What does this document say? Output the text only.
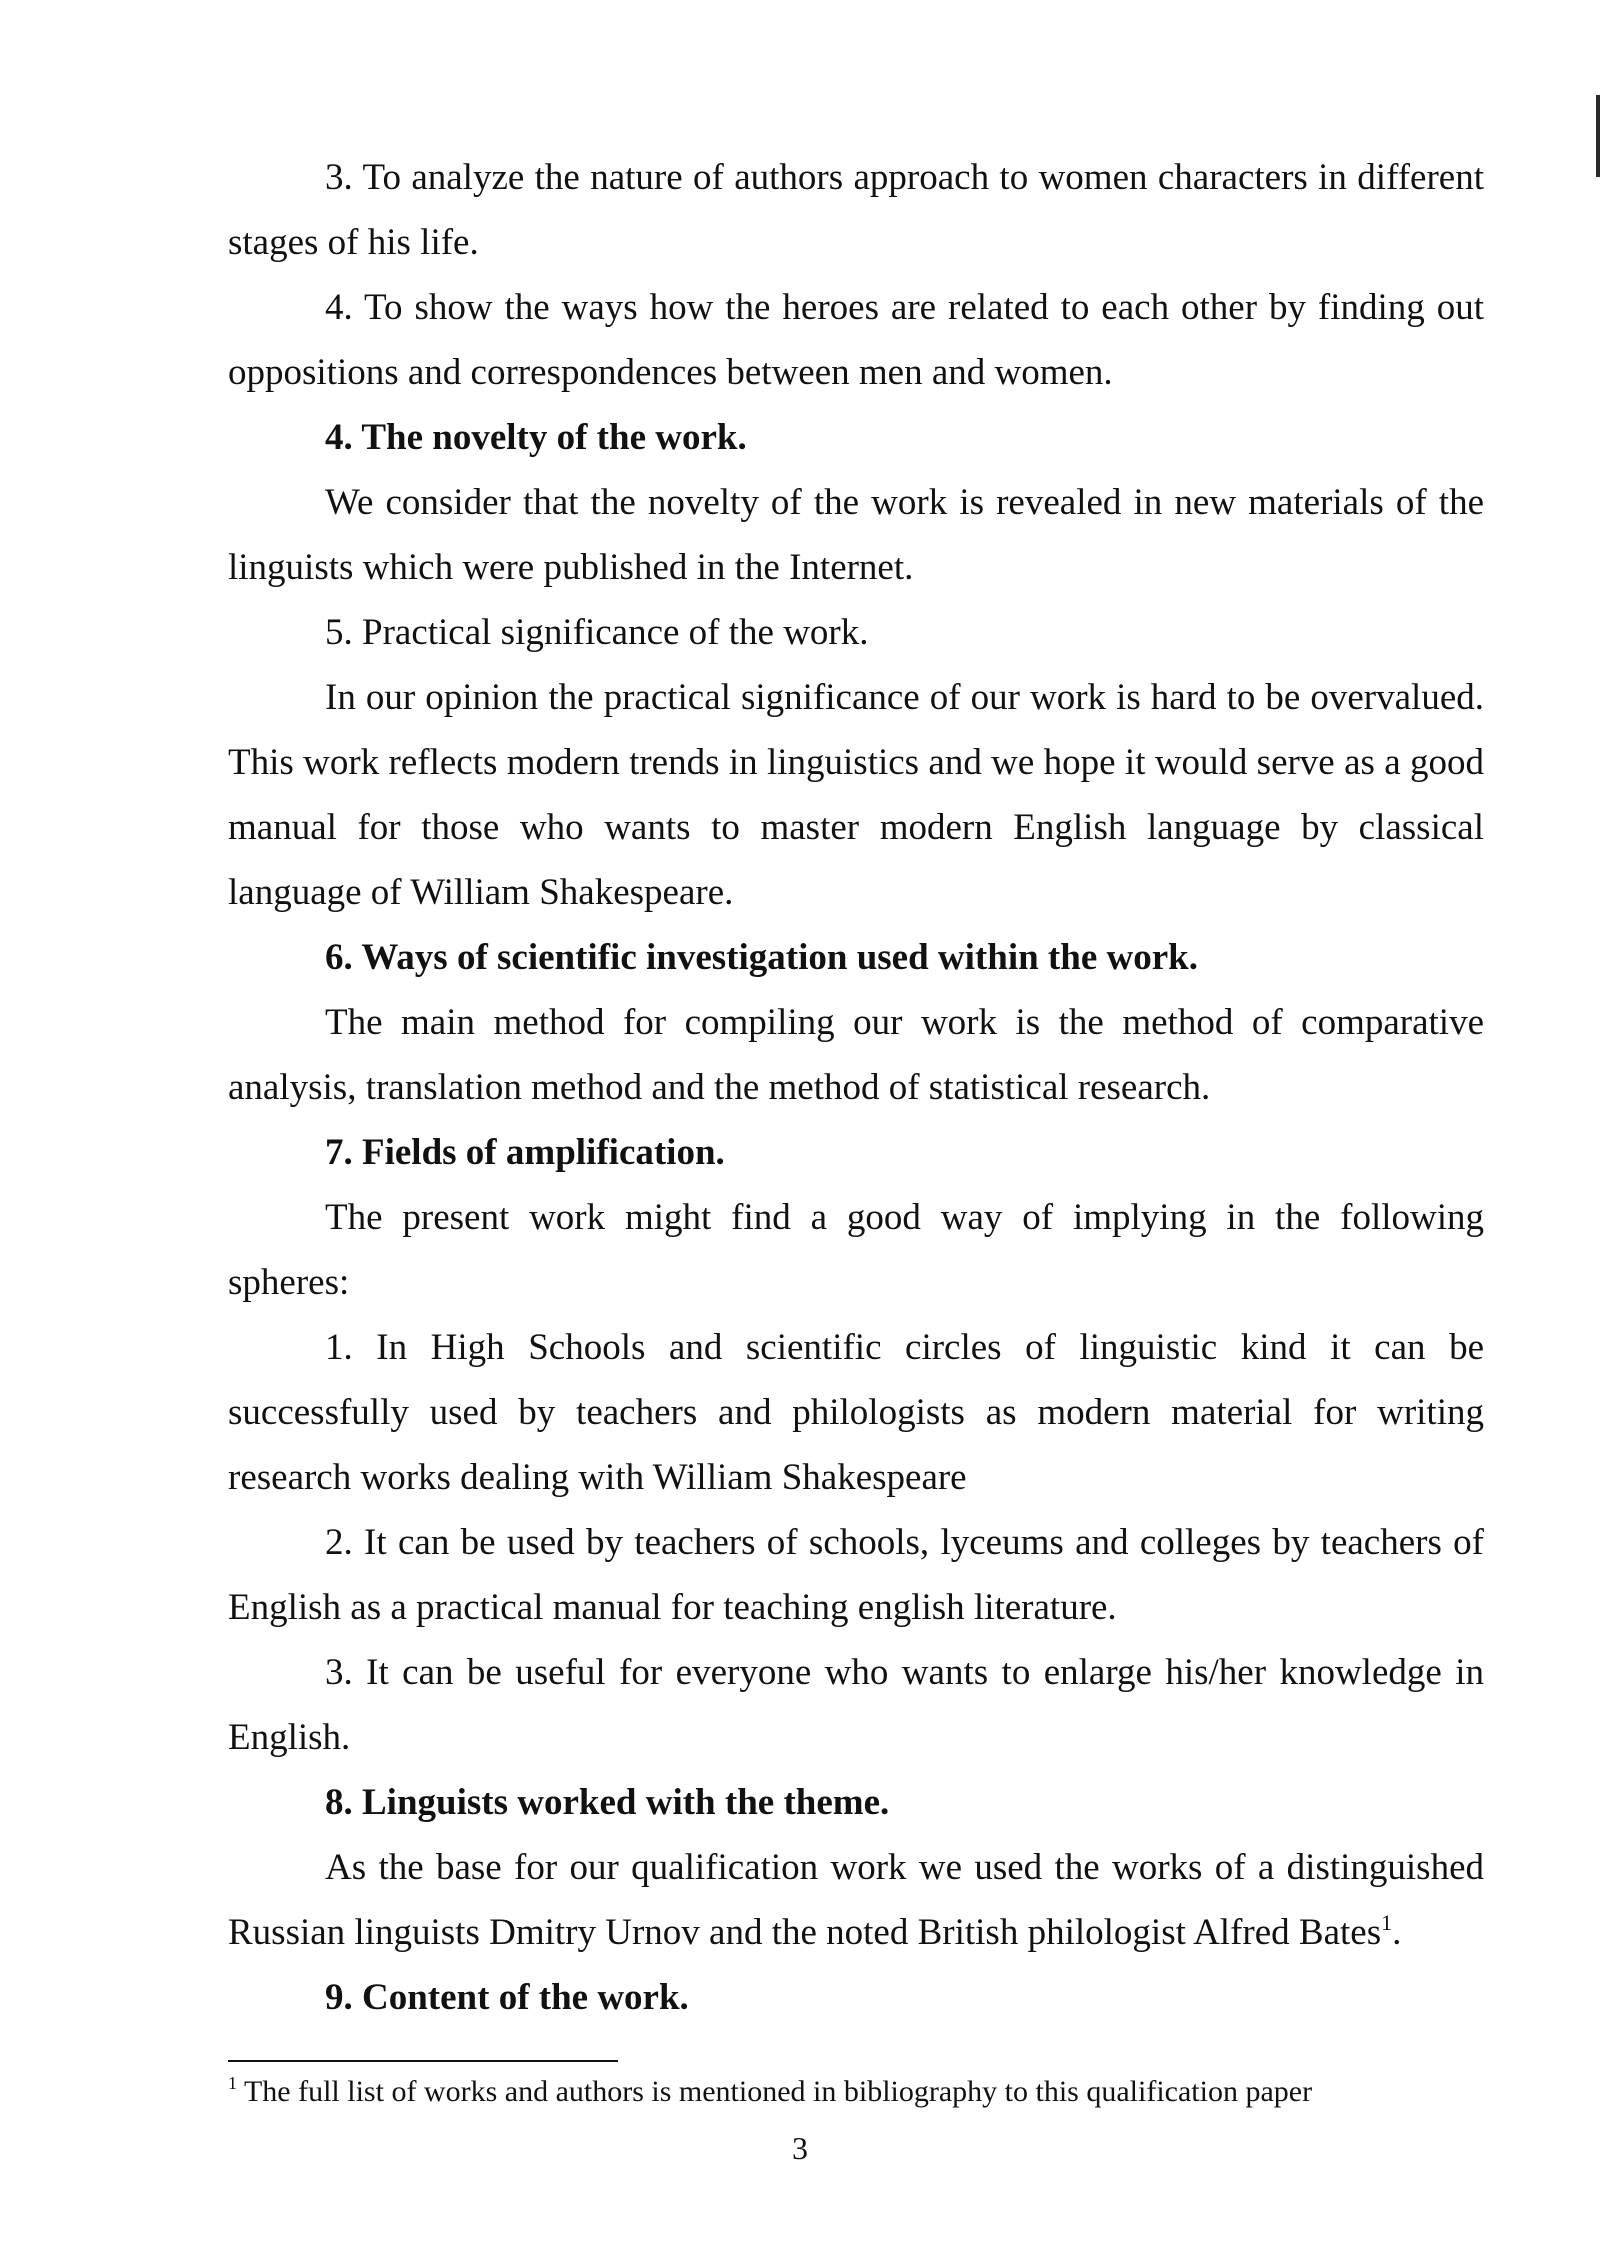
3. To analyze the nature of authors approach to women characters in different stages of his life.

4. To show the ways how the heroes are related to each other by finding out oppositions and correspondences between men and women.

4. The novelty of the work.

We consider that the novelty of the work is revealed in new materials of the linguists which were published in the Internet.

5. Practical significance of the work.

In our opinion the practical significance of our work is hard to be overvalued. This work reflects modern trends in linguistics and we hope it would serve as a good manual for those who wants to master modern English language by classical language of William Shakespeare.

6. Ways of scientific investigation used within the work.

The main method for compiling our work is the method of comparative analysis, translation method and the method of statistical research.

7. Fields of amplification.

The present work might find a good way of implying in the following spheres:

1. In High Schools and scientific circles of linguistic kind it can be successfully used by teachers and philologists as modern material for writing research works dealing with William Shakespeare

2. It can be used by teachers of schools, lyceums and colleges by teachers of English as a practical manual for teaching english literature.

3. It can be useful for everyone who wants to enlarge his/her knowledge in English.

8. Linguists worked with the theme.

As the base for our qualification work we used the works of a distinguished Russian linguists Dmitry Urnov and the noted British philologist Alfred Bates$^1$.

9. Content of the work.

$^1$ The full list of works and authors is mentioned in bibliography to this qualification paper
3
